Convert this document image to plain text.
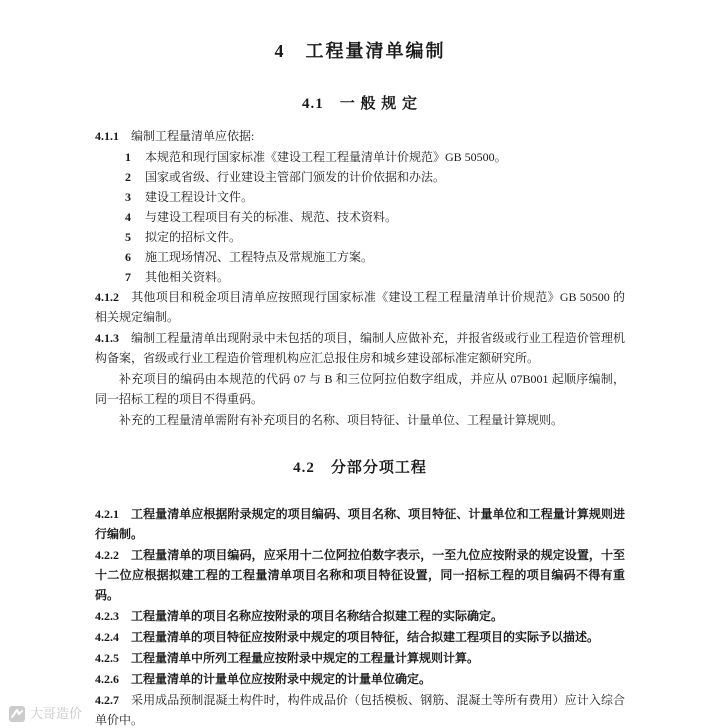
4　工程量清单编制
4.1　一 般 规 定

4.1.1 编制工程量清单应依据:

1 本规范和现行国家标准《建设工程工程量清单计价规范》GB 50500。

2 国家或省级、行业建设主管部门颁发的计价依据和办法。

3 建设工程设计文件。

4 与建设工程项目有关的标准、规范、技术资料。

5 拟定的招标文件。

6 施工现场情况、工程特点及常规施工方案。

7 其他相关资料。

4.1.2 其他项目和税金项目清单应按照现行国家标准《建设工程工程量清单计价规范》GB 50500 的相关规定编制。

4.1.3 编制工程量清单出现附录中未包括的项目，编制人应做补充，并报省级或行业工程造价管理机构备案，省级或行业工程造价管理机构应汇总报住房和城乡建设部标准定额研究所。

补充项目的编码由本规范的代码 07 与 B 和三位阿拉伯数字组成，并应从 07B001 起顺序编制，同一招标工程的项目不得重码。

补充的工程量清单需附有补充项目的名称、项目特征、计量单位、工程量计算规则。

4.2　分部分项工程

4.2.1 工程量清单应根据附录规定的项目编码、项目名称、项目特征、计量单位和工程量计算规则进行编制。

4.2.2 工程量清单的项目编码，应采用十二位阿拉伯数字表示，一至九位应按附录的规定设置，十至十二位应根据拟建工程的工程量清单项目名称和项目特征设置，同一招标工程的项目编码不得有重码。

4.2.3 工程量清单的项目名称应按附录的项目名称结合拟建工程的实际确定。

4.2.4 工程量清单的项目特征应按附录中规定的项目特征，结合拟建工程项目的实际予以描述。

4.2.5 工程量清单中所列工程量应按附录中规定的工程量计算规则计算。

4.2.6 工程量清单的计量单位应按附录中规定的计量单位确定。

4.2.7 采用成品预制混凝土构件时，构件成品价（包括模板、钢筋、混凝土等所有费用）应计入综合单价中。

大哥造价
